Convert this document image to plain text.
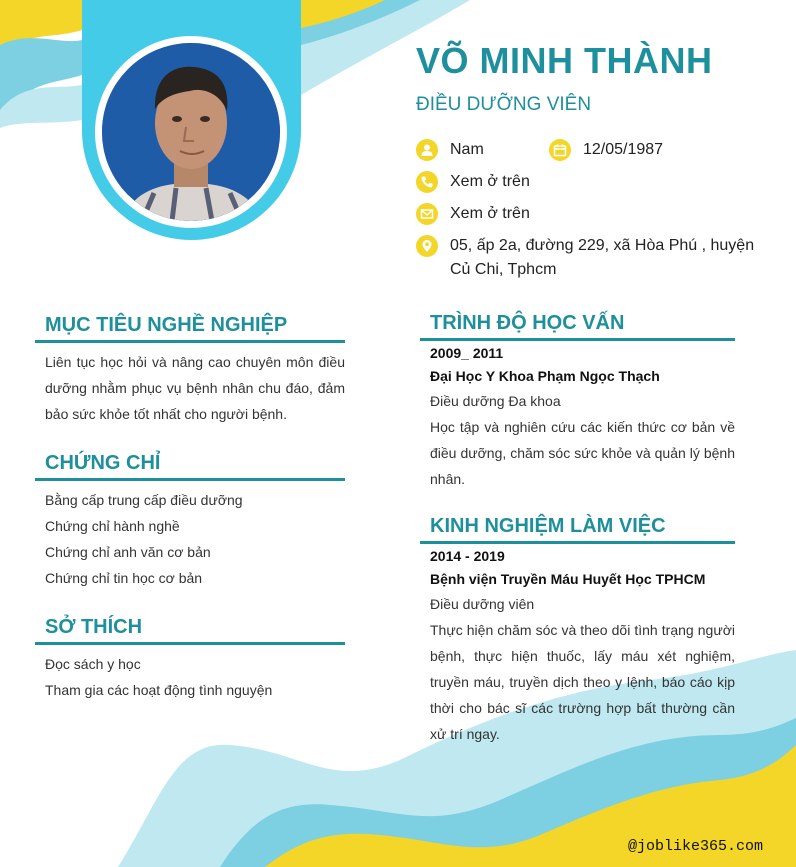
VÕ MINH THÀNH
ĐIỀU DƯỠNG VIÊN
Nam	12/05/1987
Xem ở trên
Xem ở trên
05, ấp 2a, đường 229, xã Hòa Phú , huyện Củ Chi, Tphcm
MỤC TIÊU NGHỀ NGHIỆP
Liên tục học hỏi và nâng cao chuyên môn điều dưỡng nhằm phục vụ bệnh nhân chu đáo, đảm bảo sức khỏe tốt nhất cho người bệnh.
CHỨNG CHỈ
Bằng cấp trung cấp điều dưỡng
Chứng chỉ hành nghề
Chứng chỉ anh văn cơ bản
Chứng chỉ tin học cơ bản
SỞ THÍCH
Đọc sách y học
Tham gia các hoạt động tình nguyện
TRÌNH ĐỘ HỌC VẤN
2009_ 2011
Đại Học Y Khoa Phạm Ngọc Thạch
Điều dưỡng Đa khoa
Học tập và nghiên cứu các kiến thức cơ bản về điều dưỡng, chăm sóc sức khỏe và quản lý bệnh nhân.
KINH NGHIỆM LÀM VIỆC
2014 - 2019
Bệnh viện Truyền Máu Huyết Học TPHCM
Điều dưỡng viên
Thực hiện chăm sóc và theo dõi tình trạng người bệnh, thực hiện thuốc, lấy máu xét nghiệm, truyền máu, truyền dịch theo y lệnh, báo cáo kịp thời cho bác sĩ các trường hợp bất thường cần xử trí ngay.
@joblike365.com
